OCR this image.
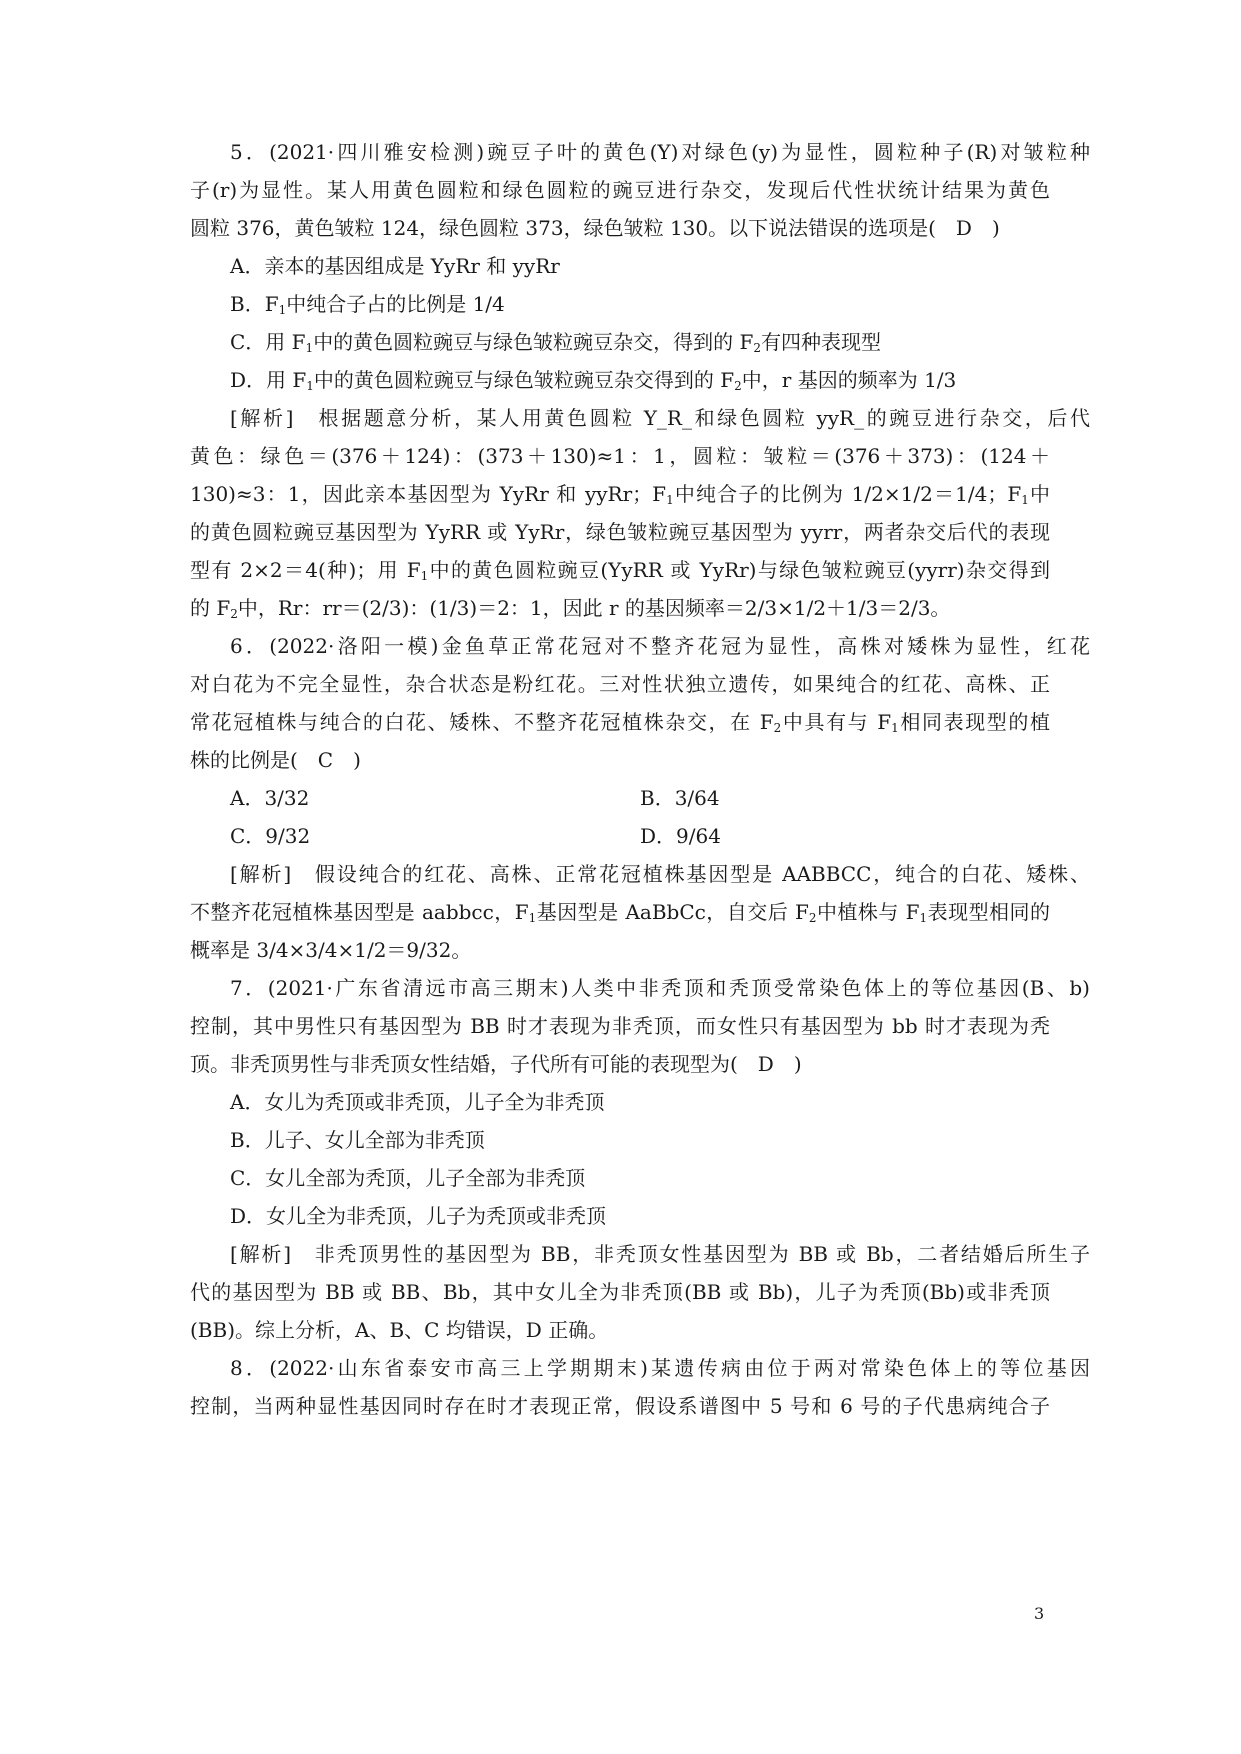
5．(2021·四川雅安检测)豌豆子叶的黄色(Y)对绿色(y)为显性，圆粒种子(R)对皱粒种
子(r)为显性。某人用黄色圆粒和绿色圆粒的豌豆进行杂交，发现后代性状统计结果为黄色
圆粒 376，黄色皱粒 124，绿色圆粒 373，绿色皱粒 130。以下说法错误的选项是(　D　)
A．亲本的基因组成是 YyRr 和 yyRr
B．$F_1$中纯合子占的比例是 1/4
C．用 $F_1$中的黄色圆粒豌豆与绿色皱粒豌豆杂交，得到的 $F_2$有四种表现型
D．用 $F_1$中的黄色圆粒豌豆与绿色皱粒豌豆杂交得到的 $F_2$中，r 基因的频率为 1/3
[解析]　根据题意分析，某人用黄色圆粒 Y_R_和绿色圆粒 yyR_的豌豆进行杂交，后代
黄色：绿色＝(376＋124)：(373＋130)≈1：1，圆粒：皱粒＝(376＋373)：(124＋
130)≈3：1，因此亲本基因型为 YyRr 和 yyRr；$F_1$中纯合子的比例为 1/2×1/2＝1/4；$F_1$中
的黄色圆粒豌豆基因型为 YyRR 或 YyRr，绿色皱粒豌豆基因型为 yyrr，两者杂交后代的表现
型有 2×2＝4(种)；用 $F_1$中的黄色圆粒豌豆(YyRR 或 YyRr)与绿色皱粒豌豆(yyrr)杂交得到
的 $F_2$中，Rr：rr＝(2/3)：(1/3)＝2：1，因此 r 的基因频率＝2/3×1/2＋1/3＝2/3。
6．(2022·洛阳一模)金鱼草正常花冠对不整齐花冠为显性，高株对矮株为显性，红花
对白花为不完全显性，杂合状态是粉红花。三对性状独立遗传，如果纯合的红花、高株、正
常花冠植株与纯合的白花、矮株、不整齐花冠植株杂交，在 $F_2$中具有与 $F_1$相同表现型的植
株的比例是(　C　)
A．3/32	B．3/64
C．9/32	D．9/64
[解析]　假设纯合的红花、高株、正常花冠植株基因型是 AABBCC，纯合的白花、矮株、
不整齐花冠植株基因型是 aabbcc，$F_1$基因型是 AaBbCc，自交后 $F_2$中植株与 $F_1$表现型相同的
概率是 3/4×3/4×1/2＝9/32。
7．(2021·广东省清远市高三期末)人类中非秃顶和秃顶受常染色体上的等位基因(B、b)
控制，其中男性只有基因型为 BB 时才表现为非秃顶，而女性只有基因型为 bb 时才表现为秃
顶。非秃顶男性与非秃顶女性结婚，子代所有可能的表现型为(　D　)
A．女儿为秃顶或非秃顶，儿子全为非秃顶
B．儿子、女儿全部为非秃顶
C．女儿全部为秃顶，儿子全部为非秃顶
D．女儿全为非秃顶，儿子为秃顶或非秃顶
[解析]　非秃顶男性的基因型为 BB，非秃顶女性基因型为 BB 或 Bb，二者结婚后所生子
代的基因型为 BB 或 BB、Bb，其中女儿全为非秃顶(BB 或 Bb)，儿子为秃顶(Bb)或非秃顶
(BB)。综上分析，A、B、C 均错误，D 正确。
8．(2022·山东省泰安市高三上学期期末)某遗传病由位于两对常染色体上的等位基因
控制，当两种显性基因同时存在时才表现正常，假设系谱图中 5 号和 6 号的子代患病纯合子
3
